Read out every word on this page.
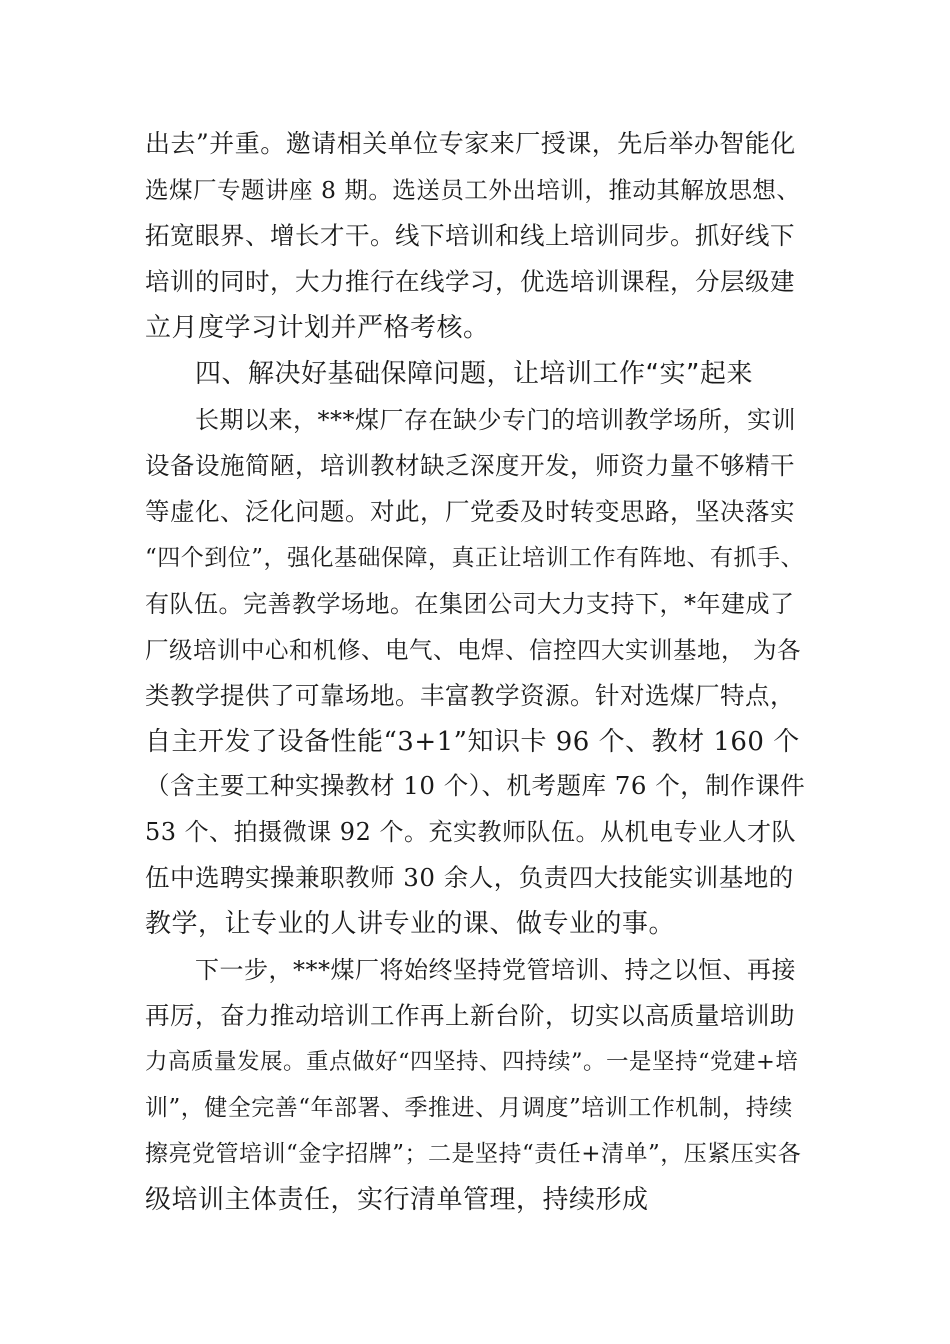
出去”并重。邀请相关单位专家来厂授课，先后举办智能化
选煤厂专题讲座 8 期。选送员工外出培训，推动其解放思想、
拓宽眼界、增长才干。线下培训和线上培训同步。抓好线下
培训的同时，大力推行在线学习，优选培训课程，分层级建
立月度学习计划并严格考核。
四、解决好基础保障问题，让培训工作“实”起来
长期以来，***煤厂存在缺少专门的培训教学场所，实训
设备设施简陋，培训教材缺乏深度开发，师资力量不够精干
等虚化、泛化问题。对此，厂党委及时转变思路，坚决落实
“四个到位”，强化基础保障，真正让培训工作有阵地、有抓手、
有队伍。完善教学场地。在集团公司大力支持下，*年建成了
厂级培训中心和机修、电气、电焊、信控四大实训基地， 为各
类教学提供了可靠场地。丰富教学资源。针对选煤厂特点，
自主开发了设备性能“3+1”知识卡 96 个、教材 160 个
（含主要工种实操教材 10 个）、机考题库 76 个，制作课件
53 个、拍摄微课 92 个。充实教师队伍。从机电专业人才队
伍中选聘实操兼职教师 30 余人，负责四大技能实训基地的
教学，让专业的人讲专业的课、做专业的事。
下一步，***煤厂将始终坚持党管培训、持之以恒、再接
再厉，奋力推动培训工作再上新台阶，切实以高质量培训助
力高质量发展。重点做好“四坚持、四持续”。一是坚持“党建+培
训”，健全完善“年部署、季推进、月调度”培训工作机制，持续
擦亮党管培训“金字招牌”；二是坚持“责任+清单”，压紧压实各
级培训主体责任，实行清单管理，持续形成
